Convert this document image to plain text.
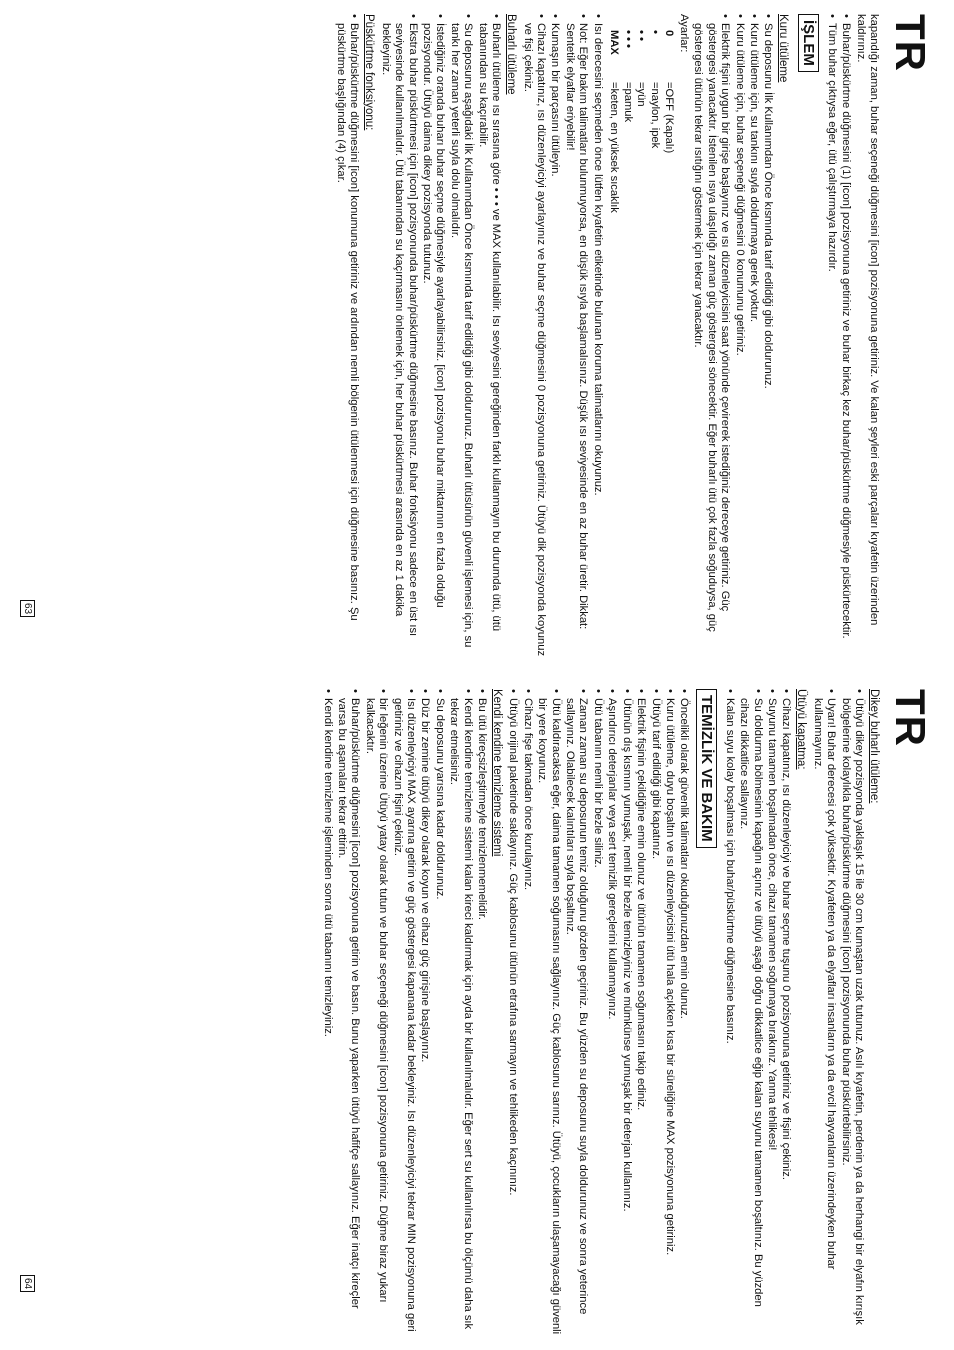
TR
kapandığı zaman, buhar seçeneği düğmesini [icon] pozisyonuna getiriniz. Ve kalan şeyleri eski parçaları kıyafetin üzerinden kaldırınız.
• Buhar/püskürtme düğmesini (1) [icon] pozisyonuna getiriniz ve buhar birkaç kez buhar/püskürtme düğmesiyle püskürtecektir.
• Tüm buhar çıktıysa eğer, ütü çalıştırmaya hazırdır.
İŞLEM
Kuru ütüleme
• Su deposunu İlk Kullanımdan Önce kısmında tarif edildiği gibi doldurunuz.
• Kuru ütüleme için, su tankını suyla doldurmaya gerek yoktur.
• Kuru ütüleme için, buhar seçeneği düğmesini 0 konumunu getiriniz.
• Elektrik fişini uygun bir girişe başlayınız ve ısı düzenleyicisini saat yönünde çevirerek istediğiniz dereceye getiriniz. Güç göstergesi yanacaktır. İstenilen ısıya ulaşıldığı zaman güç göstergesi sönecektir. Eğer buharlı ütü çok fazla soğuduysa, güç göstergesi ütünün tekrar ısıtığını göstermek için tekrar yanacaktır.
Ayarlar:
0
=OFF (Kapalı)
•
=naylon, ipek
• •
=yün
• • •
=pamuk
MAX
=keten, en yüksek sıcaklık
• Isı derecesini seçmeden önce lütfen kıyafetin etiketinde bulunan koruma talimatlarını okuyunuz.
• Not: Eğer bakım talimatları bulunmuyorsa, en düşük ısıyla başlamalısınız. Düşük ısı seviyesinde en az buhar üretir. Dikkat: Sentetik elyaflar eriyebilir!
• Kumaşın bir parçasını ütüleyin.
• Cihazı kapatınız, ısı düzenleyiciyi ayarlayınız ve buhar seçme düğmesini 0 pozisyonuna getiriniz. Ütüyü dik pozisyonda koyunuz ve fişi çekiniz.
Buharlı ütüleme
• Buharlı ütüleme ısı sırasına göre • • • ve MAX kullanılabilir. Isı seviyesini gereğinden farklı kullanmayın bu durumda ütü, ütü tabanından su kaçırabilir.
• Su deposunu aşağıdaki İlk Kullanımdan Önce kısmında tarif edildiği gibi doldurunuz. Buharlı ütüsünün güvenli işlemesi için, su tankı her zaman yeterli suyla dolu olmalıdır.
• İstediğiniz oranda buharı buhar seçme düğmesiyle ayarlayabilirsiniz. [icon] pozisyonu buhar miktarının en fazla olduğu pozisyondur. Ütüyü daima dikey pozisyonda tutunuz.
• Ekstra buhar püskürtmesi için [icon] pozisyonunda buhar/püskürtme düğmesine basınız. Buhar fonksiyonu sadece en üst ısı seviyesinde kullanılmalıdır. Ütü tabanından su kaçırmasını önlemek için, her buhar püskürtmesi arasında en az 1 dakika bekleyiniz.
Püskürtme fonksiyonu:
• Buhar/püskürtme düğmesini [icon] konumuna getiriniz ve ardından nemli bölgenin ütülenmesi için düğmesine basınız. Şu püskürtme başlığından (4) çıkar.
63
TR
Dikey buharlı ütüleme:
• Ütüyü dikey pozisyonda yaklaşık 15 ile 30 cm kumaştan uzak tutunuz. Asılı kıyafetin, perdenin ya da herhangi bir elyafın kırışık bölgelerine kolaylıkla buhar/püskürtme düğmesini [icon] pozisyonunda buhar püskürtebilirsiniz.
• Uyarı! Buhar derecesi çok yüksektir. Kıyafeten ya da elyafları insanların ya da evcil hayvanların üzerindeyken buhar kullanmayınız.
Ütüyü kapatma:
• Cihazı kapatınız, ısı düzenleyiciyi ve buhar seçme tuşunu 0 pozisyonuna getiriniz ve fişini çekiniz.
• Suyunu tamamen boşalmadan önce, cihazı tamamen soğumaya bırakınız. Yanma tehlikesi!
• Su doldurma bölmesinin kapağını açınız ve ütüyü aşağı doğru dikkatlice eğip kalan suyunu tamamen boşaltınız. Bu yüzden cihazı dikkatlice sallayınız.
• Kalan suyu kolay boşalması için buhar/püskürtme düğmesine basınız.
TEMİZLİK VE BAKIM
• Öncelikli olarak güvenlik talimatları okuduğunuzdan emin olunuz.
• Kuru ütüleme, duyu boşaltın ve ısı düzenleyicisini ütü hala açıkken kısa bir süreliğine MAX pozisyonuna getiriniz.
• Ütüyü tarif edildiği gibi kapatınız.
• Elektrik fişinin çekildiğine emin olunuz ve ütünün tamamen soğumasını takip ediniz.
• Ütünün dış kısmını yumuşak, nemli bir bezle temizleyiniz ve mümkünse yumuşak bir deterjan kullanınız.
• Aşındırıcı deterjanlar veya sert temizlik gereçlerini kullanmayınız.
• Ütü tabanını nemli bir bezle siliniz.
• Zaman zaman su deposunun temiz olduğunu gözden geçiriniz. Bu yüzden su deposunu suyla doldurunuz ve sonra yeterince sallayınız. Olabilecek kalıntıları suyla boşaltınız.
• Ütü kaldıracaksa eğer, daima tamamen soğumasını sağlayınız. Güç kablosunu sarınız. Ütüyü, çocukların ulaşamayacağı güvenli bir yere koyunuz.
• Cihazı fişe takmadan önce kurulayınız.
• Ütüyü orijinal paketinde saklayınız. Güç kablosunu ütünün etrafına sarmayın ve tehlikeden kaçınınız.
Kendi kendine temizleme sistemi
• Bu ütü kireçsizleştirmeyle temizlenmemelidir.
• Kendi kendine temizleme sistemi kalan kireci kaldırmak için ayda bir kullanılmalıdır. Eğer sert su kullanılırsa bu ölçümü daha sık tekrar etmelisiniz.
• Su deposunu yarısına kadar doldurunuz.
• Düz bir zemine ütüyü dikey olarak koyun ve cihazı güç girişine başlayınız.
• Isı düzenleyiciyi MAX ayarına getirin ve güç göstergesi kapanana kadar bekleyiniz. Isı düzenleyiciyi tekrar MIN pozisyonuna geri getiriniz ve cihazın fişini çekiniz.
• bir leğenin üzerine Ütüyü yatay olarak tutun ve buhar seçeneği düğmesini [icon] pozisyonuna getiriniz. Düğme biraz yukarı kalkacaktır.
• Buhar/püskürtme düğmesini [icon] pozisyonuna getirin ve basın. Bunu yaparken ütüyü hafifçe sallayınız. Eğer inatçı kireçler varsa bu aşamaları tekrar ettirin.
• Kendi kendine temizleme işleminden sonra ütü tabanını temizleyiniz.
64
